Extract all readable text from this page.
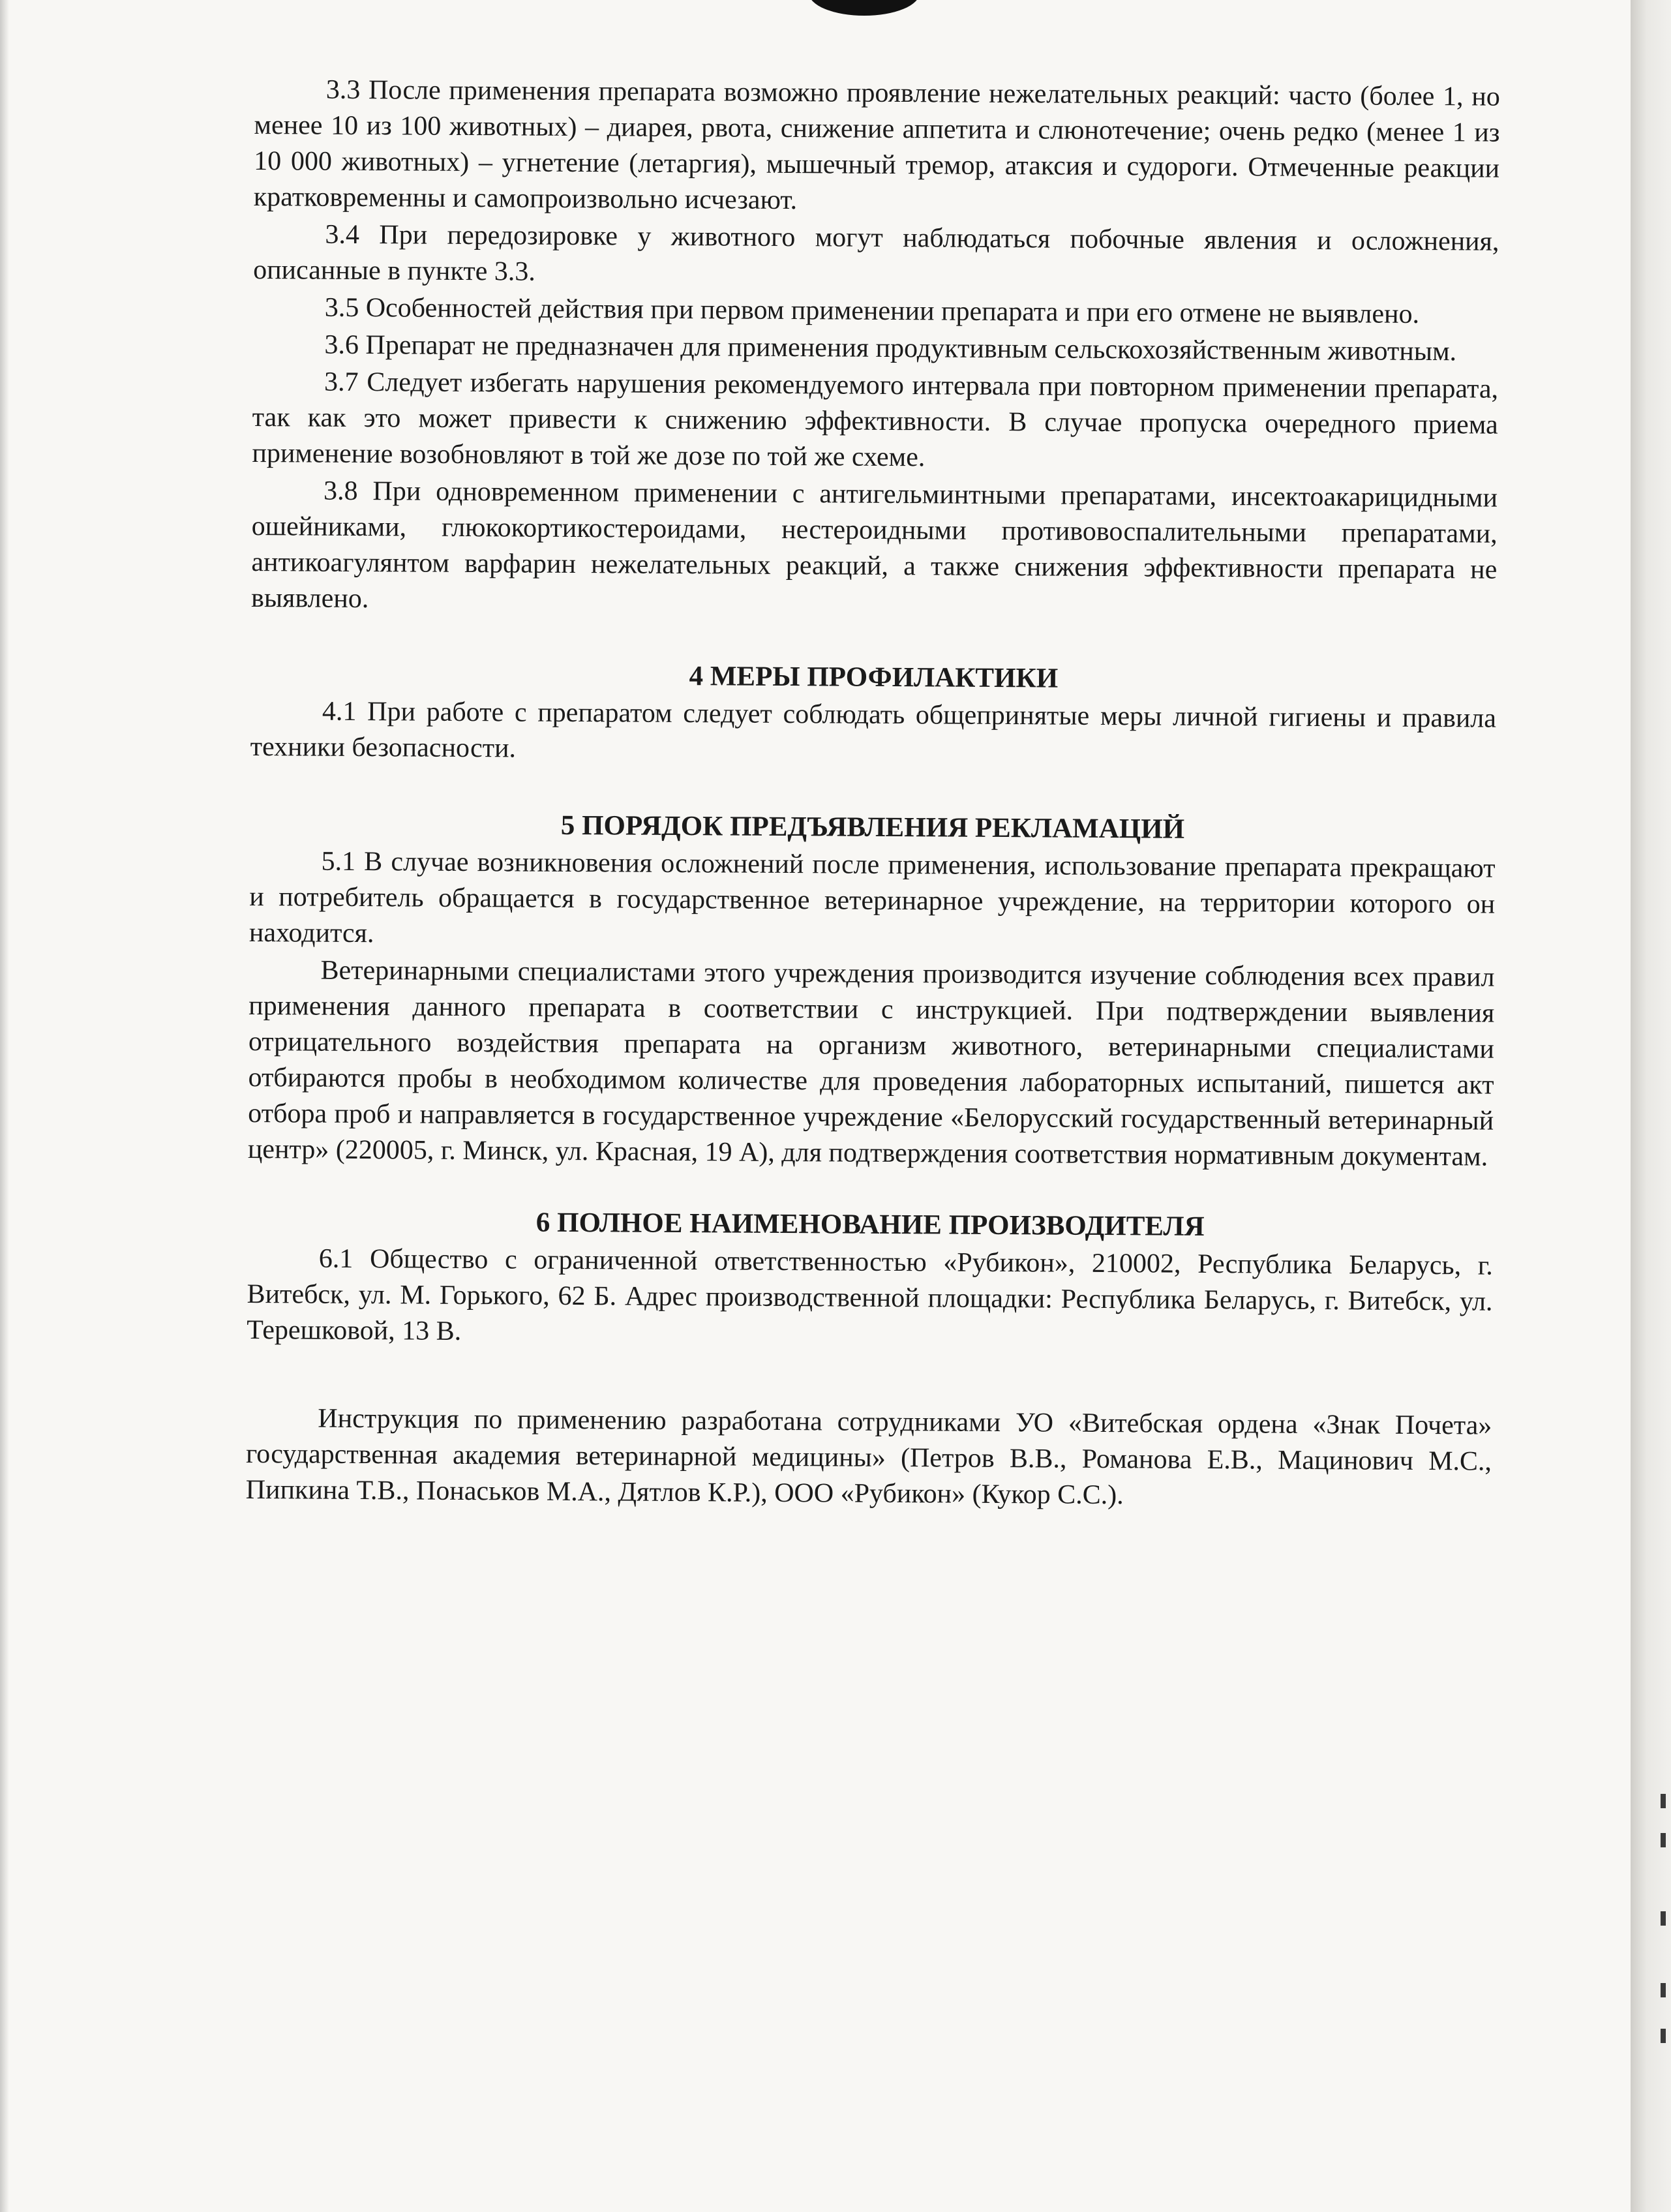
3.3 После применения препарата возможно проявление нежелательных реакций: часто (более 1, но менее 10 из 100 животных) – диарея, рвота, снижение аппетита и слюнотечение; очень редко (менее 1 из 10 000 животных) – угнетение (летаргия), мышечный тремор, атаксия и судороги. Отмеченные реакции кратковременны и самопроизвольно исчезают.

3.4 При передозировке у животного могут наблюдаться побочные явления и осложнения, описанные в пункте 3.3.

3.5 Особенностей действия при первом применении препарата и при его отмене не выявлено.

3.6 Препарат не предназначен для применения продуктивным сельскохозяйственным животным.

3.7 Следует избегать нарушения рекомендуемого интервала при повторном применении препарата, так как это может привести к снижению эффективности. В случае пропуска очередного приема применение возобновляют в той же дозе по той же схеме.

3.8 При одновременном применении с антигельминтными препаратами, инсектоакарицидными ошейниками, глюкокортикостероидами, нестероидными противовоспалительными препаратами, антикоагулянтом варфарин нежелательных реакций, а также снижения эффективности препарата не выявлено.

4 МЕРЫ ПРОФИЛАКТИКИ

4.1 При работе с препаратом следует соблюдать общепринятые меры личной гигиены и правила техники безопасности.

5 ПОРЯДОК ПРЕДЪЯВЛЕНИЯ РЕКЛАМАЦИЙ

5.1 В случае возникновения осложнений после применения, использование препарата прекращают и потребитель обращается в государственное ветеринарное учреждение, на территории которого он находится.

Ветеринарными специалистами этого учреждения производится изучение соблюдения всех правил применения данного препарата в соответствии с инструкцией. При подтверждении выявления отрицательного воздействия препарата на организм животного, ветеринарными специалистами отбираются пробы в необходимом количестве для проведения лабораторных испытаний, пишется акт отбора проб и направляется в государственное учреждение «Белорусский государственный ветеринарный центр» (220005, г. Минск, ул. Красная, 19 А), для подтверждения соответствия нормативным документам.

6 ПОЛНОЕ НАИМЕНОВАНИЕ ПРОИЗВОДИТЕЛЯ

6.1 Общество с ограниченной ответственностью «Рубикон», 210002, Республика Беларусь, г. Витебск, ул. М. Горького, 62 Б. Адрес производственной площадки: Республика Беларусь, г. Витебск, ул. Терешковой, 13 В.

Инструкция по применению разработана сотрудниками УО «Витебская ордена «Знак Почета» государственная академия ветеринарной медицины» (Петров В.В., Романова Е.В., Мацинович М.С., Пипкина Т.В., Понаськов М.А., Дятлов К.Р.), ООО «Рубикон» (Кукор С.С.).
